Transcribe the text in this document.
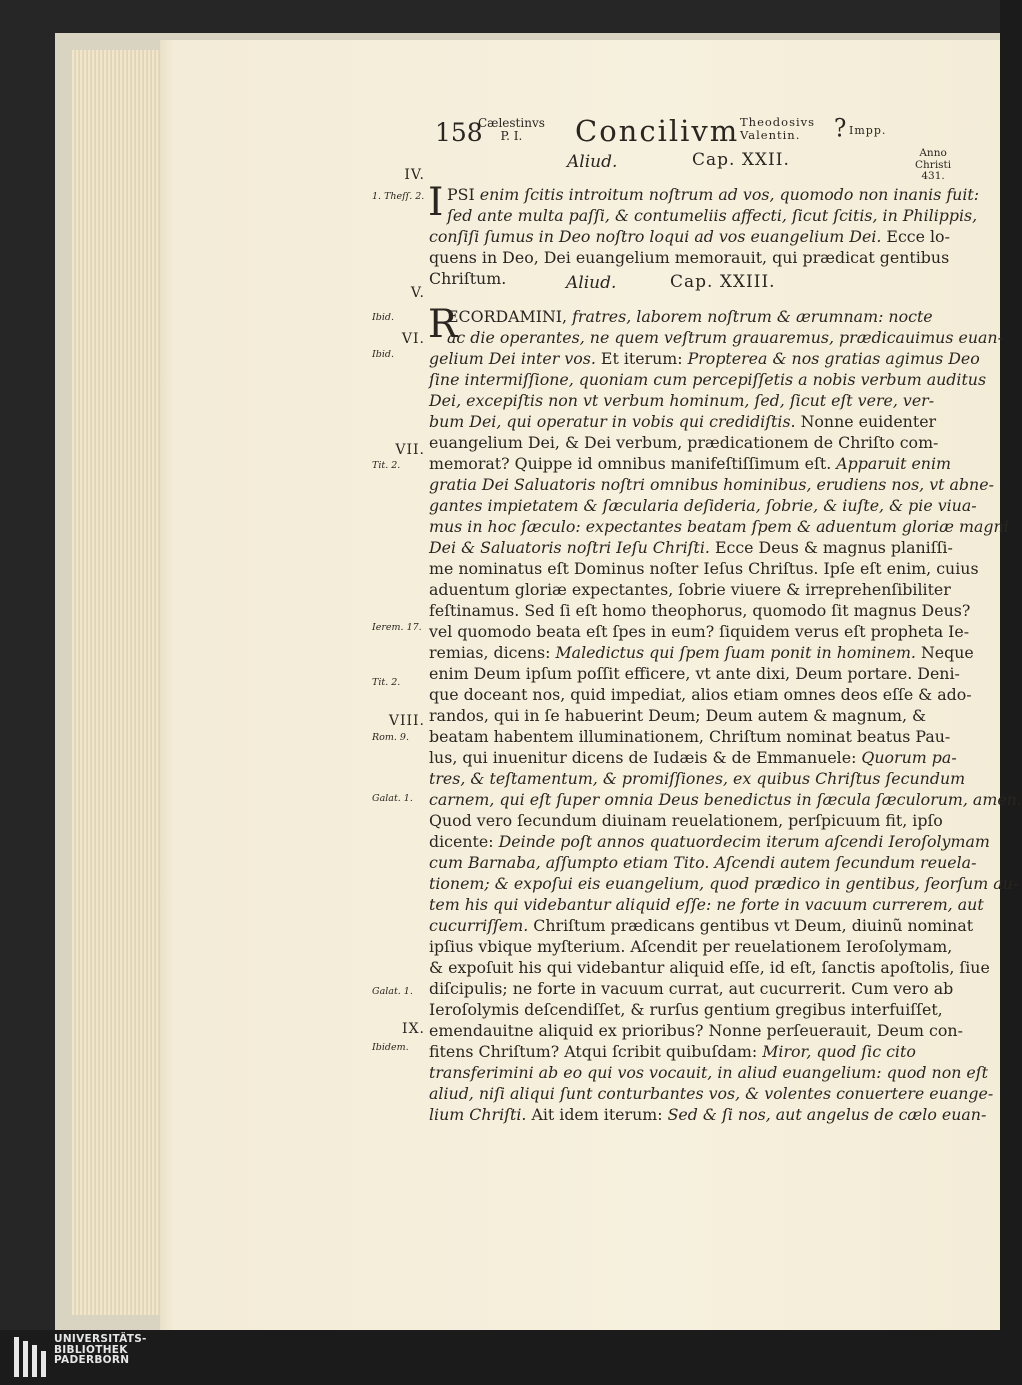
158
Cælestinvs
P. I.	Concilivm Theodosivs
Valentin.	? Impp.
Anno
Christi
431.
Aliud.	Cap. XXII.
Aliud.	Cap. XXIII.
IV.
V.
VI.
VII.
VIII.
IX.
1. Theſſ. 2.
Ibid.
Ibid.
Tit. 2.
Ierem. 17.
Tit. 2.
Rom. 9.
Galat. 1.
Galat. 1.
Ibidem.
I
R
PSI enim ſcitis introitum noſtrum ad vos, quomodo non inanis fuit:
ſed ante multa paſſi, & contumeliis affecti, ſicut ſcitis, in Philippis,
conſiſi ſumus in Deo noſtro loqui ad vos euangelium Dei. Ecce lo-
quens in Deo, Dei euangelium memorauit, qui prædicat gentibus
Chriſtum.
ECORDAMINI, fratres, laborem noſtrum & ærumnam: nocte
ac die operantes, ne quem veſtrum grauaremus, prædicauimus euan-
gelium Dei inter vos. Et iterum: Propterea & nos gratias agimus Deo
ſine intermiſſione, quoniam cum percepiſſetis a nobis verbum auditus
Dei, excepiſtis non vt verbum hominum, ſed, ſicut eſt vere, ver-
bum Dei, qui operatur in vobis qui credidiſtis. Nonne euidenter
euangelium Dei, & Dei verbum, prædicationem de Chriſto com-
memorat? Quippe id omnibus manifeſtiſſimum eſt. Apparuit enim
gratia Dei Saluatoris noſtri omnibus hominibus, erudiens nos, vt abne-
gantes impietatem & ſæcularia deſideria, ſobrie, & iuſte, & pie viua-
mus in hoc ſæculo: expectantes beatam ſpem & aduentum gloriæ magni
Dei & Saluatoris noſtri Ieſu Chriſti. Ecce Deus & magnus planiſſi-
me nominatus eſt Dominus noſter Ieſus Chriſtus. Ipſe eſt enim, cuius
aduentum gloriæ expectantes, ſobrie viuere & irreprehenſibiliter
feſtinamus. Sed ſi eſt homo theophorus, quomodo ſit magnus Deus?
vel quomodo beata eſt ſpes in eum? ſiquidem verus eſt propheta Ie-
remias, dicens: Maledictus qui ſpem ſuam ponit in hominem. Neque
enim Deum ipſum poſſit efficere, vt ante dixi, Deum portare. Deni-
que doceant nos, quid impediat, alios etiam omnes deos eſſe & ado-
randos, qui in ſe habuerint Deum; Deum autem & magnum, &
beatam habentem illuminationem, Chriſtum nominat beatus Pau-
lus, qui inuenitur dicens de Iudæis & de Emmanuele: Quorum pa-
tres, & teſtamentum, & promiſſiones, ex quibus Chriſtus ſecundum
carnem, qui eſt ſuper omnia Deus benedictus in ſæcula ſæculorum, amen.
Quod vero ſecundum diuinam reuelationem, perſpicuum fit, ipſo
dicente: Deinde poſt annos quatuordecim iterum aſcendi Ieroſolymam
cum Barnaba, aſſumpto etiam Tito. Aſcendi autem ſecundum reuela-
tionem; & expoſui eis euangelium, quod prædico in gentibus, ſeorſum au-
tem his qui videbantur aliquid eſſe: ne forte in vacuum currerem, aut
cucurriſſem. Chriſtum prædicans gentibus vt Deum, diuinũ nominat
ipſius vbique myſterium. Aſcendit per reuelationem Ieroſolymam,
& expoſuit his qui videbantur aliquid eſſe, id eſt, ſanctis apoſtolis, ſiue
diſcipulis; ne forte in vacuum currat, aut cucurrerit. Cum vero ab
Ieroſolymis deſcendiſſet, & rurſus gentium gregibus interfuiſſet,
emendauitne aliquid ex prioribus? Nonne perſeuerauit, Deum con-
fitens Chriſtum? Atqui ſcribit quibuſdam: Miror, quod ſic cito
transferimini ab eo qui vos vocauit, in aliud euangelium: quod non eſt
aliud, niſi aliqui ſunt conturbantes vos, & volentes conuertere euange-
lium Chriſti. Ait idem iterum: Sed & ſi nos, aut angelus de cælo euan-
UNIVERSITÄTS-
BIBLIOTHEK
PADERBORN
